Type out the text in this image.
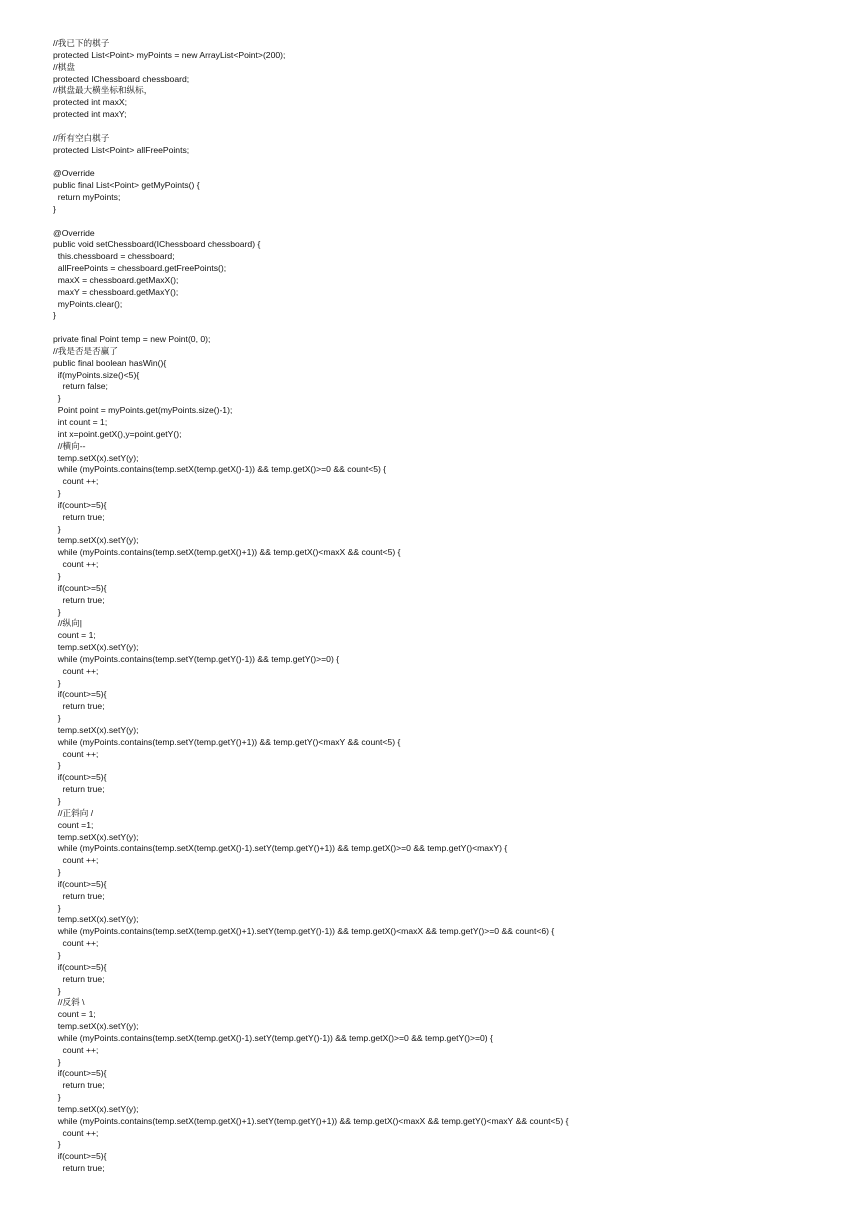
//我已下的棋子
protected List<Point> myPoints = new ArrayList<Point>(200);
//棋盘
protected IChessboard chessboard;
//棋盘最大横坐标和纵标，
protected int maxX;
protected int maxY;
//所有空白棋子
protected List<Point> allFreePoints;
@Override
public final List<Point> getMyPoints() {
return myPoints;
}
@Override
public void setChessboard(IChessboard chessboard) {
this.chessboard = chessboard;
allFreePoints = chessboard.getFreePoints();
maxX = chessboard.getMaxX();
maxY = chessboard.getMaxY();
myPoints.clear();
}
private final Point temp = new Point(0, 0);
//我是否是否赢了
public final boolean hasWin(){
if(myPoints.size()<5){
return false;
}
Point point = myPoints.get(myPoints.size()-1);
int count = 1;
int x=point.getX(),y=point.getY();
//横向--
temp.setX(x).setY(y);
while (myPoints.contains(temp.setX(temp.getX()-1)) && temp.getX()>=0 && count<5) {
count ++;
}
if(count>=5){
return true;
}
temp.setX(x).setY(y);
while (myPoints.contains(temp.setX(temp.getX()+1)) && temp.getX()<maxX && count<5) {
count ++;
}
if(count>=5){
return true;
}
//纵向|
count = 1;
temp.setX(x).setY(y);
while (myPoints.contains(temp.setY(temp.getY()-1)) && temp.getY()>=0) {
count ++;
}
if(count>=5){
return true;
}
temp.setX(x).setY(y);
while (myPoints.contains(temp.setY(temp.getY()+1)) && temp.getY()<maxY && count<5) {
count ++;
}
if(count>=5){
return true;
}
//正斜向 /
count =1;
temp.setX(x).setY(y);
while (myPoints.contains(temp.setX(temp.getX()-1).setY(temp.getY()+1)) && temp.getX()>=0 && temp.getY()<maxY) {
count ++;
}
if(count>=5){
return true;
}
temp.setX(x).setY(y);
while (myPoints.contains(temp.setX(temp.getX()+1).setY(temp.getY()-1)) && temp.getX()<maxX && temp.getY()>=0 && count<6) {
count ++;
}
if(count>=5){
return true;
}
//反斜 \
count = 1;
temp.setX(x).setY(y);
while (myPoints.contains(temp.setX(temp.getX()-1).setY(temp.getY()-1)) && temp.getX()>=0 && temp.getY()>=0) {
count ++;
}
if(count>=5){
return true;
}
temp.setX(x).setY(y);
while (myPoints.contains(temp.setX(temp.getX()+1).setY(temp.getY()+1)) && temp.getX()<maxX && temp.getY()<maxY && count<5) {
count ++;
}
if(count>=5){
return true;
